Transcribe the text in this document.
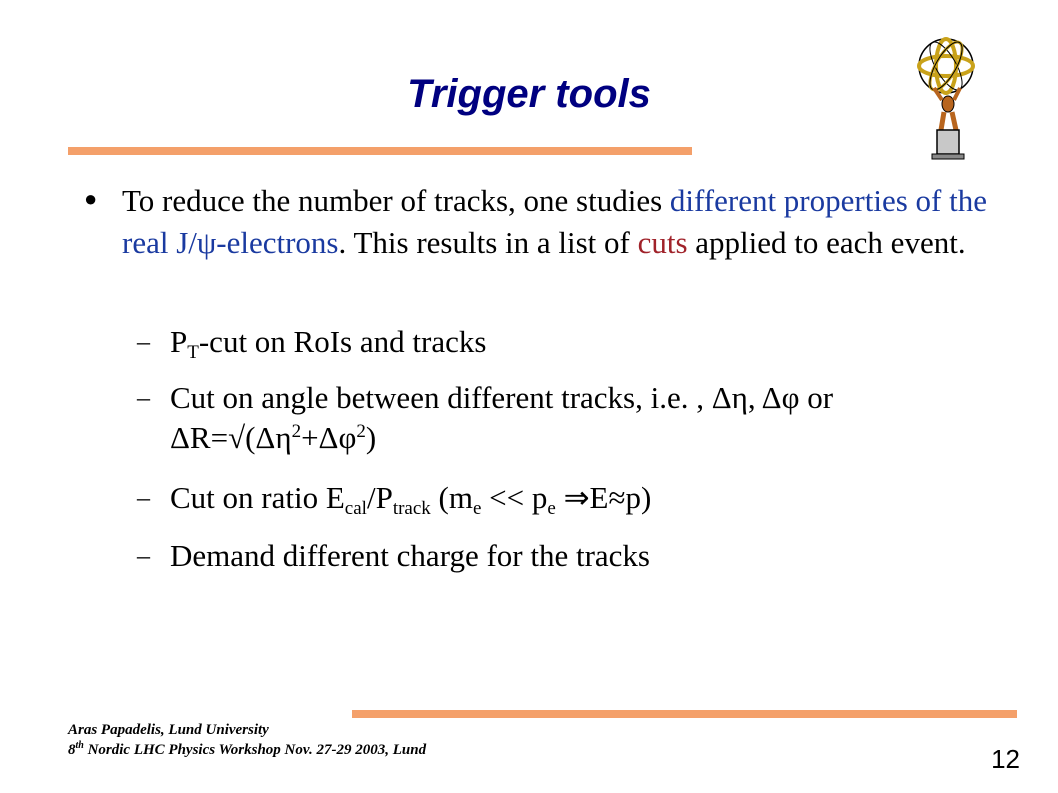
Trigger tools
● To reduce the number of tracks, one studies different properties of the real J/ψ-electrons. This results in a list of cuts applied to each event.
– $P_T$-cut on RoIs and tracks
– Cut on angle between different tracks, i.e. , Δη, Δφ or
$\Delta R=√(\Delta\eta^2+\Delta\varphi^2)$
– Cut on ratio $E_{cal}/P_{track}$ ($m_e << p_e$ ⇒E≈p)
– Demand different charge for the tracks
Aras Papadelis, Lund University
8th Nordic LHC Physics Workshop Nov. 27-29 2003, Lund	12
